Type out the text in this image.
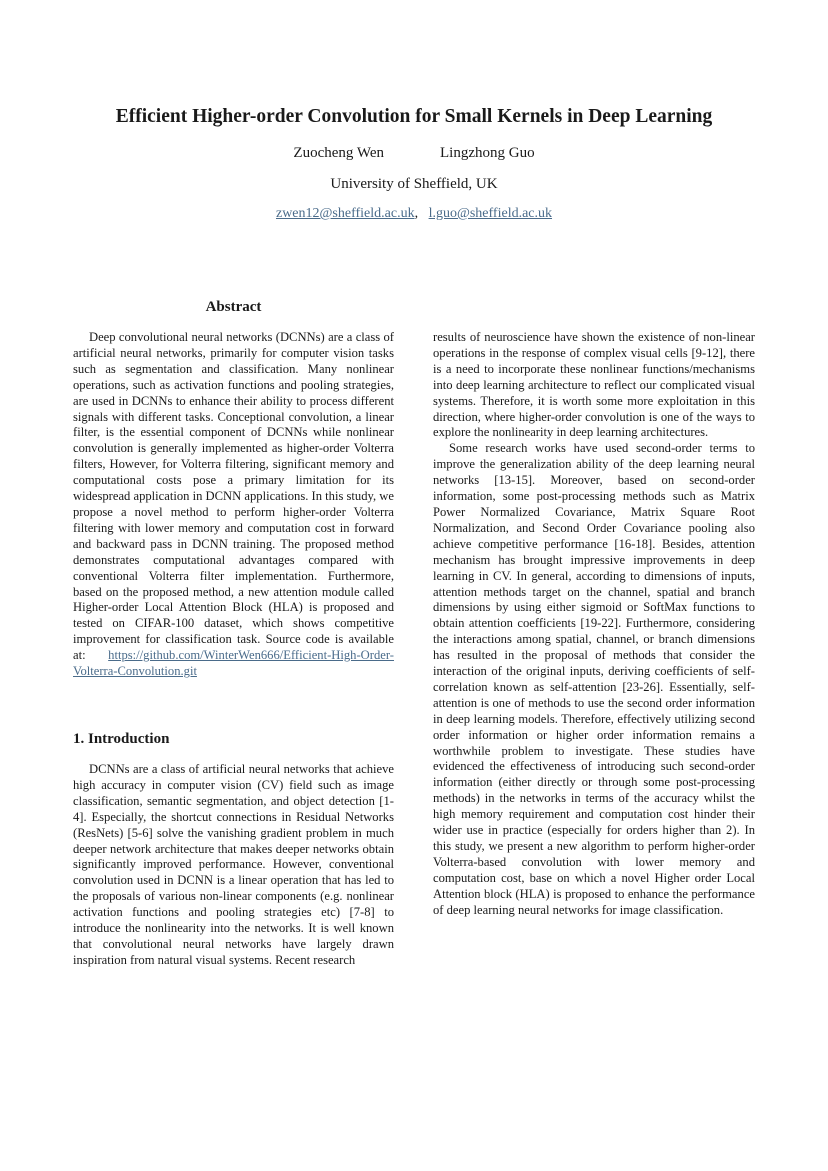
Efficient Higher-order Convolution for Small Kernels in Deep Learning
Zuocheng Wen	Lingzhong Guo
University of Sheffield, UK
zwen12@sheffield.ac.uk, l.guo@sheffield.ac.uk
Abstract

Deep convolutional neural networks (DCNNs) are a class of artificial neural networks, primarily for computer vision tasks such as segmentation and classification. Many nonlinear operations, such as activation functions and pooling strategies, are used in DCNNs to enhance their ability to process different signals with different tasks. Conceptional convolution, a linear filter, is the essential component of DCNNs while nonlinear convolution is generally implemented as higher-order Volterra filters, However, for Volterra filtering, significant memory and computational costs pose a primary limitation for its widespread application in DCNN applications. In this study, we propose a novel method to perform higher-order Volterra filtering with lower memory and computation cost in forward and backward pass in DCNN training. The proposed method demonstrates computational advantages compared with conventional Volterra filter implementation. Furthermore, based on the proposed method, a new attention module called Higher-order Local Attention Block (HLA) is proposed and tested on CIFAR-100 dataset, which shows competitive improvement for classification task. Source code is available at: https://github.com/WinterWen666/Efficient-High-Order-Volterra-Convolution.git

1. Introduction

DCNNs are a class of artificial neural networks that achieve high accuracy in computer vision (CV) field such as image classification, semantic segmentation, and object detection [1-4]. Especially, the shortcut connections in Residual Networks (ResNets) [5-6] solve the vanishing gradient problem in much deeper network architecture that makes deeper networks obtain significantly improved performance. However, conventional convolution used in DCNN is a linear operation that has led to the proposals of various non-linear components (e.g. nonlinear activation functions and pooling strategies etc) [7-8] to introduce the nonlinearity into the networks. It is well known that convolutional neural networks have largely drawn inspiration from natural visual systems. Recent research

results of neuroscience have shown the existence of non-linear operations in the response of complex visual cells [9-12], there is a need to incorporate these nonlinear functions/mechanisms into deep learning architecture to reflect our complicated visual systems. Therefore, it is worth some more exploitation in this direction, where higher-order convolution is one of the ways to explore the nonlinearity in deep learning architectures.

Some research works have used second-order terms to improve the generalization ability of the deep learning neural networks [13-15]. Moreover, based on second-order information, some post-processing methods such as Matrix Power Normalized Covariance, Matrix Square Root Normalization, and Second Order Covariance pooling also achieve competitive performance [16-18]. Besides, attention mechanism has brought impressive improvements in deep learning in CV. In general, according to dimensions of inputs, attention methods target on the channel, spatial and branch dimensions by using either sigmoid or SoftMax functions to obtain attention coefficients [19-22]. Furthermore, considering the interactions among spatial, channel, or branch dimensions has resulted in the proposal of methods that consider the interaction of the original inputs, deriving coefficients of self-correlation known as self-attention [23-26]. Essentially, self-attention is one of methods to use the second order information in deep learning models. Therefore, effectively utilizing second order information or higher order information remains a worthwhile problem to investigate. These studies have evidenced the effectiveness of introducing such second-order information (either directly or through some post-processing methods) in the networks in terms of the accuracy whilst the high memory requirement and computation cost hinder their wider use in practice (especially for orders higher than 2). In this study, we present a new algorithm to perform higher-order Volterra-based convolution with lower memory and computation cost, base on which a novel Higher order Local Attention block (HLA) is proposed to enhance the performance of deep learning neural networks for image classification.
